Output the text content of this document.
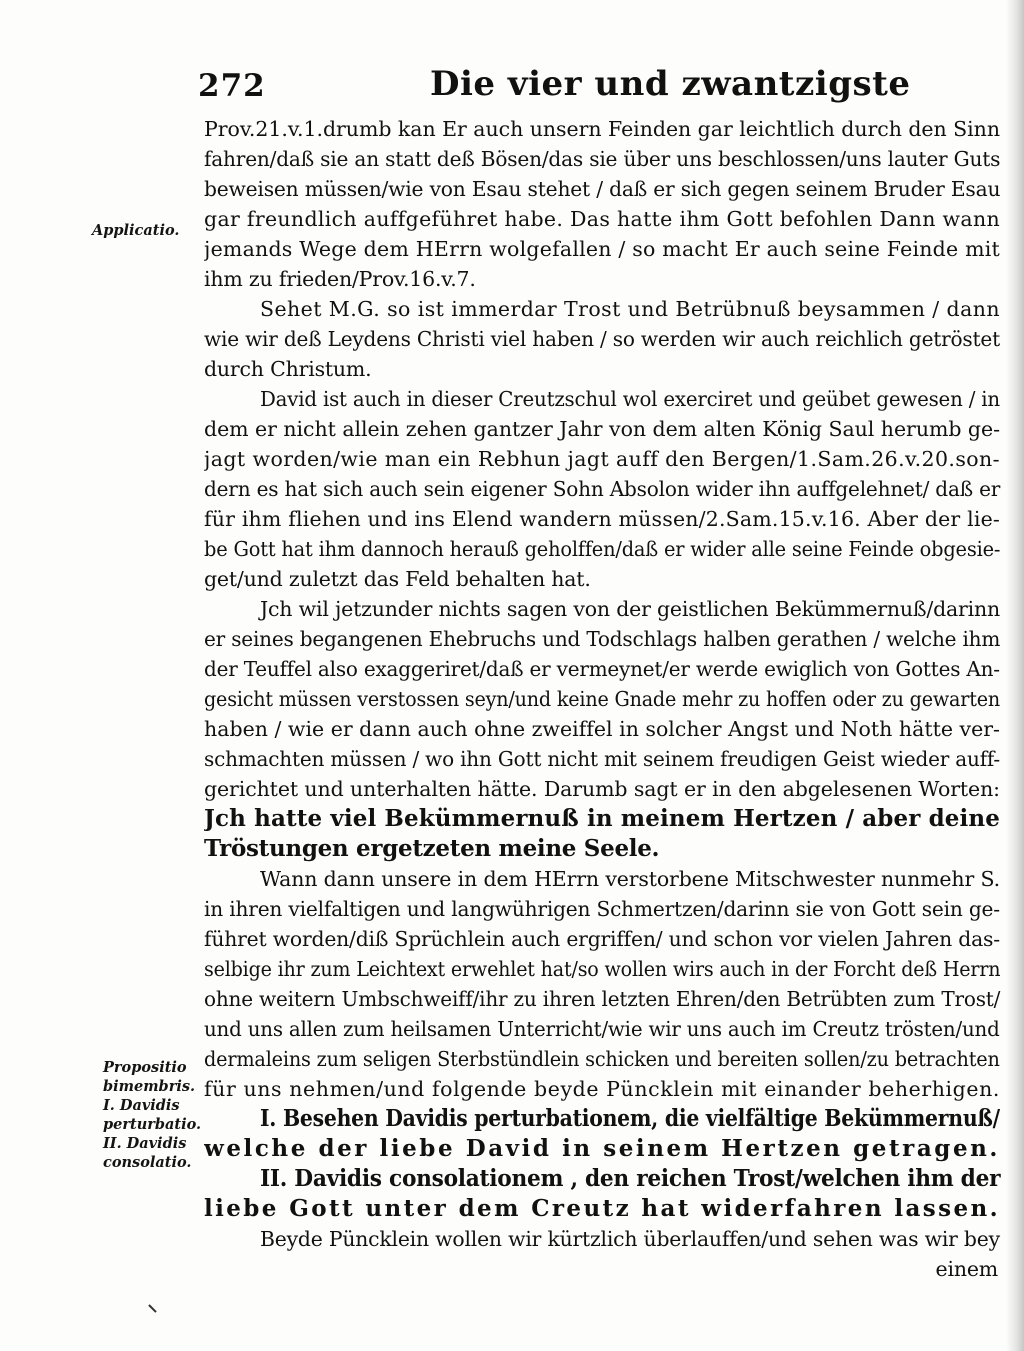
272	Die vier und zwantzigste
Applicatio.
Propositio
bimembris.
I. Davidis
perturbatio.
II. Davidis
consolatio.
Prov.21.v.1.drumb kan Er auch unsern Feinden gar leichtlich durch den Sinn
fahren/daß sie an statt deß Bösen/das sie über uns beschlossen/uns lauter Guts
beweisen müssen/wie von Esau stehet / daß er sich gegen seinem Bruder Esau
gar freundlich auffgeführet habe. Das hatte ihm Gott befohlen Dann wann
jemands Wege dem HErrn wolgefallen / so macht Er auch seine Feinde mit
ihm zu frieden/Prov.16.v.7.
Sehet M.G. so ist immerdar Trost und Betrübnuß beysammen / dann
wie wir deß Leydens Christi viel haben / so werden wir auch reichlich getröstet
durch Christum.
David ist auch in dieser Creutzschul wol exerciret und geübet gewesen / in
dem er nicht allein zehen gantzer Jahr von dem alten König Saul herumb ge-
jagt worden/wie man ein Rebhun jagt auff den Bergen/1.Sam.26.v.20.son-
dern es hat sich auch sein eigener Sohn Absolon wider ihn auffgelehnet/ daß er
für ihm fliehen und ins Elend wandern müssen/2.Sam.15.v.16. Aber der lie-
be Gott hat ihm dannoch herauß geholffen/daß er wider alle seine Feinde obgesie-
get/und zuletzt das Feld behalten hat.
Jch wil jetzunder nichts sagen von der geistlichen Bekümmernuß/darinn
er seines begangenen Ehebruchs und Todschlags halben gerathen / welche ihm
der Teuffel also exaggeriret/daß er vermeynet/er werde ewiglich von Gottes An-
gesicht müssen verstossen seyn/und keine Gnade mehr zu hoffen oder zu gewarten
haben / wie er dann auch ohne zweiffel in solcher Angst und Noth hätte ver-
schmachten müssen / wo ihn Gott nicht mit seinem freudigen Geist wieder auff-
gerichtet und unterhalten hätte. Darumb sagt er in den abgelesenen Worten:
Jch hatte viel Bekümmernuß in meinem Hertzen / aber deine
Tröstungen ergetzeten meine Seele.
Wann dann unsere in dem HErrn verstorbene Mitschwester nunmehr S.
in ihren vielfaltigen und langwührigen Schmertzen/darinn sie von Gott sein ge-
führet worden/diß Sprüchlein auch ergriffen/ und schon vor vielen Jahren das-
selbige ihr zum Leichtext erwehlet hat/so wollen wirs auch in der Forcht deß Herrn
ohne weitern Umbschweiff/ihr zu ihren letzten Ehren/den Betrübten zum Trost/
und uns allen zum heilsamen Unterricht/wie wir uns auch im Creutz trösten/und
dermaleins zum seligen Sterbstündlein schicken und bereiten sollen/zu betrachten
für uns nehmen/und folgende beyde Püncklein mit einander beherhigen.
I. Besehen Davidis perturbationem, die vielfältige Bekümmernuß/
welche der liebe David in seinem Hertzen getragen.
II. Davidis consolationem , den reichen Trost/welchen ihm der
liebe Gott unter dem Creutz hat widerfahren lassen.
Beyde Püncklein wollen wir kürtzlich überlauffen/und sehen was wir bey
einem
